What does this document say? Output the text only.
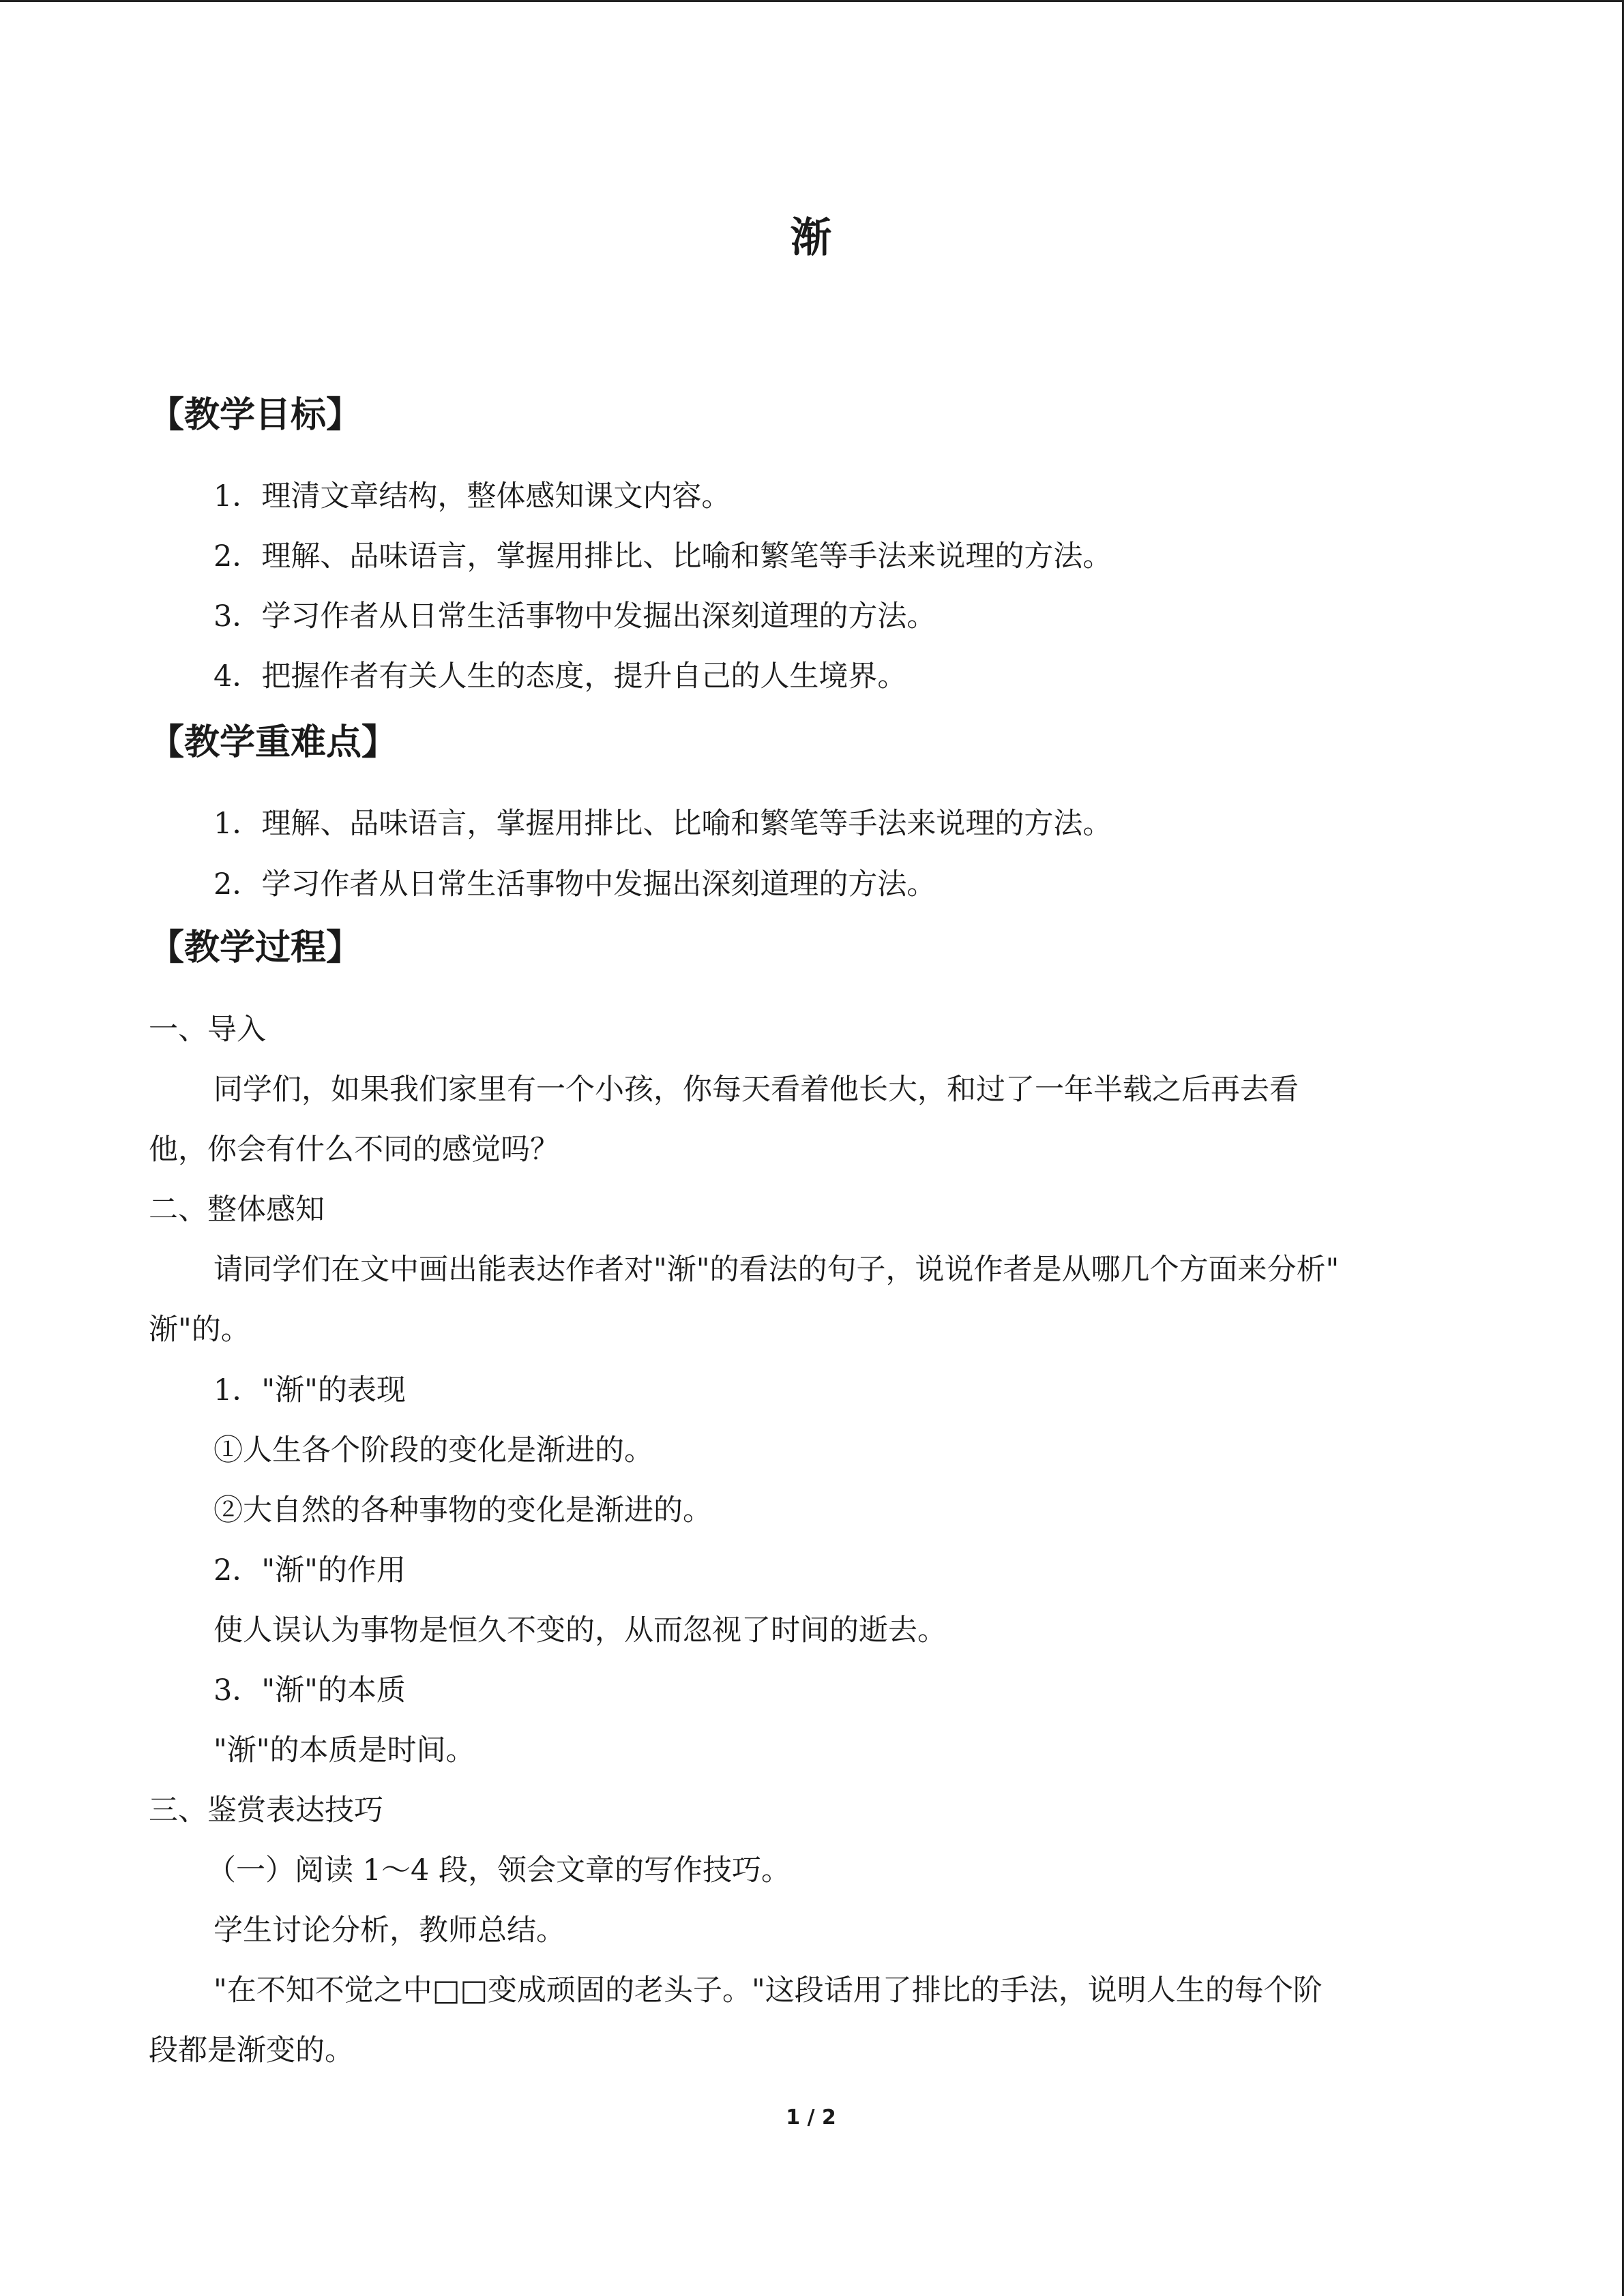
渐
【教学目标】
1．理清文章结构，整体感知课文内容。
2．理解、品味语言，掌握用排比、比喻和繁笔等手法来说理的方法。
3．学习作者从日常生活事物中发掘出深刻道理的方法。
4．把握作者有关人生的态度，提升自己的人生境界。
【教学重难点】
1．理解、品味语言，掌握用排比、比喻和繁笔等手法来说理的方法。
2．学习作者从日常生活事物中发掘出深刻道理的方法。
【教学过程】
一、导入
同学们，如果我们家里有一个小孩，你每天看着他长大，和过了一年半载之后再去看
他，你会有什么不同的感觉吗？
二、整体感知
请同学们在文中画出能表达作者对"渐"的看法的句子，说说作者是从哪几个方面来分析"
渐"的。
1．"渐"的表现
①人生各个阶段的变化是渐进的。
②大自然的各种事物的变化是渐进的。
2．"渐"的作用
使人误认为事物是恒久不变的，从而忽视了时间的逝去。
3．"渐"的本质
"渐"的本质是时间。
三、鉴赏表达技巧
（一）阅读 1～4 段，领会文章的写作技巧。
学生讨论分析，教师总结。
"在不知不觉之中□□变成顽固的老头子。"这段话用了排比的手法，说明人生的每个阶
段都是渐变的。
1 / 2
